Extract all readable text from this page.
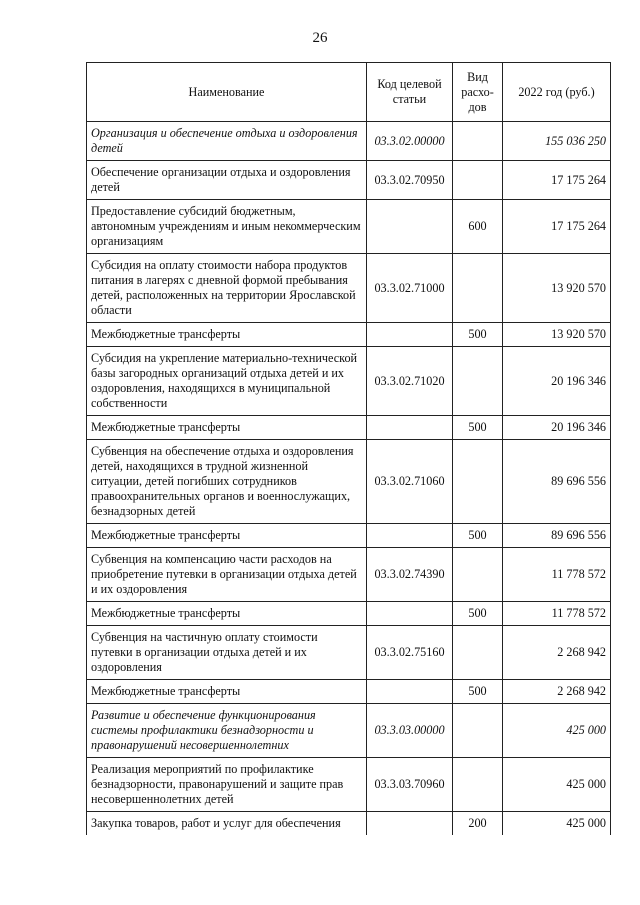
26
Наименование	Код целевой статьи	Вид расхо-дов	2022 год (руб.)
Организация и обеспечение отдыха и оздоровления детей	03.3.02.00000		155 036 250
Обеспечение организации отдыха и оздоровления детей	03.3.02.70950		17 175 264
Предоставление субсидий бюджетным, автономным учреждениям и иным некоммерческим организациям		600	17 175 264
Субсидия на оплату стоимости набора продуктов питания в лагерях с дневной формой пребывания детей, расположенных на территории Ярославской области	03.3.02.71000		13 920 570
Межбюджетные трансферты		500	13 920 570
Субсидия на укрепление материально-технической базы загородных организаций отдыха детей и их оздоровления, находящихся в муниципальной собственности	03.3.02.71020		20 196 346
Межбюджетные трансферты		500	20 196 346
Субвенция на обеспечение отдыха и оздоровления детей, находящихся в трудной жизненной ситуации, детей погибших сотрудников правоохранительных органов и военнослужащих, безнадзорных детей	03.3.02.71060		89 696 556
Межбюджетные трансферты		500	89 696 556
Субвенция на компенсацию части расходов на приобретение путевки в организации отдыха детей и их оздоровления	03.3.02.74390		11 778 572
Межбюджетные трансферты		500	11 778 572
Субвенция на частичную оплату стоимости путевки в организации отдыха детей и их оздоровления	03.3.02.75160		2 268 942
Межбюджетные трансферты		500	2 268 942
Развитие и обеспечение функционирования системы профилактики безнадзорности и правонарушений несовершеннолетних	03.3.03.00000		425 000
Реализация мероприятий по профилактике безнадзорности, правонарушений и защите прав несовершеннолетних детей	03.3.03.70960		425 000
Закупка товаров, работ и услуг для обеспечения		200	425 000
